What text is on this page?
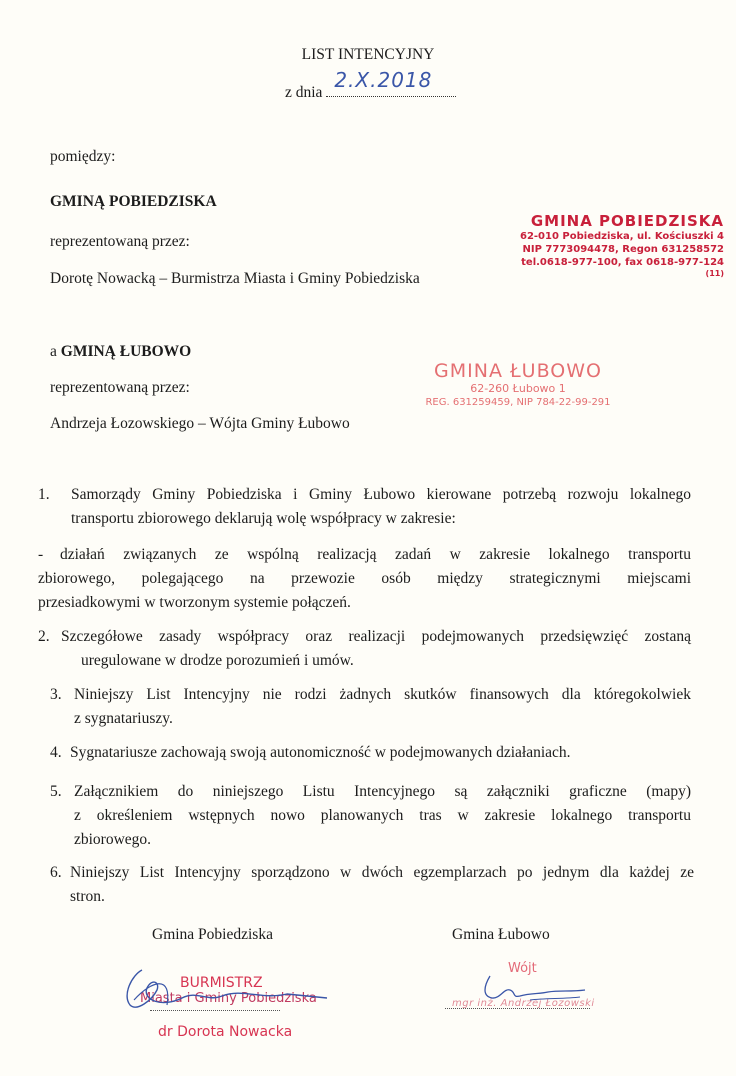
LIST INTENCYJNY
z dnia
2.X.2018
pomiędzy:
GMINĄ POBIEDZISKA
reprezentowaną przez:
Dorotę Nowacką – Burmistrza Miasta i Gminy Pobiedziska
GMINA POBIEDZISKA
62-010 Pobiedziska, ul. Kościuszki 4
NIP 7773094478, Regon 631258572
tel.0618-977-100, fax 0618-977-124
(11)
a GMINĄ ŁUBOWO
reprezentowaną przez:
Andrzeja Łozowskiego – Wójta Gminy Łubowo
GMINA ŁUBOWO
62-260 Łubowo 1
REG. 631259459, NIP 784-22-99-291
1. Samorządy Gminy Pobiedziska i Gminy Łubowo kierowane potrzebą rozwoju lokalnego
transportu zbiorowego deklarują wolę współpracy w zakresie:
- działań związanych ze wspólną realizacją zadań w zakresie lokalnego transportu
zbiorowego, polegającego na przewozie osób między strategicznymi miejscami
przesiadkowymi w tworzonym systemie połączeń.
2. Szczegółowe zasady współpracy oraz realizacji podejmowanych przedsięwzięć zostaną
uregulowane w drodze porozumień i umów.
3. Niniejszy List Intencyjny nie rodzi żadnych skutków finansowych dla któregokolwiek
z sygnatariuszy.
4. Sygnatariusze zachowają swoją autonomiczność w podejmowanych działaniach.
5. Załącznikiem do niniejszego Listu Intencyjnego są załączniki graficzne (mapy)
z określeniem wstępnych nowo planowanych tras w zakresie lokalnego transportu
zbiorowego.
6. Niniejszy List Intencyjny sporządzono w dwóch egzemplarzach po jednym dla każdej ze
stron.
Gmina Pobiedziska	Gmina Łubowo
BURMISTRZ
Miasta i Gminy Pobiedziska
dr Dorota Nowacka
Wójt
mgr inż. Andrzej Łozowski
